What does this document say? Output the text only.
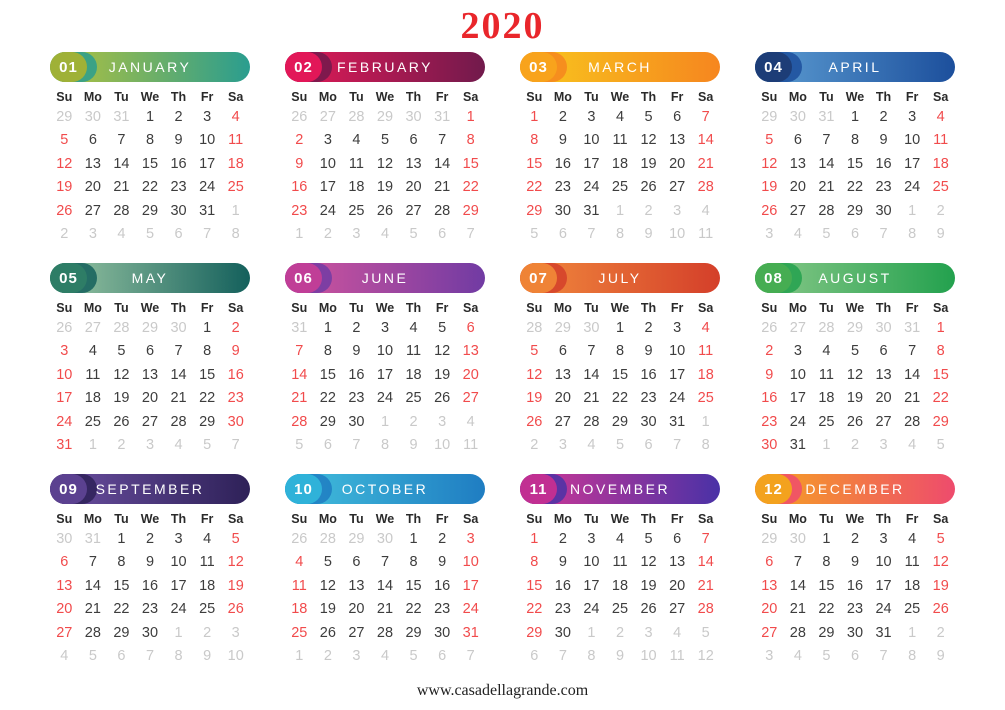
2020
01	JANUARY
Su Mo Tu We Th	Fr	Sa
29 30 31	1	2	3	4
5	6	7	8	9	10 11
12 13 14 15 16 17 18
19 20 21 22 23 24 25
26 27 28 29 30 31	1
2	3	4	5	6	7	8
02	FEBRUARY
Su Mo Tu We Th	Fr	Sa
26 27 28 29 30 31	1
2	3	4	5	6	7	8
9	10 11 12 13 14 15
16 17 18 19 20 21 22
23 24 25 26 27 28 29
1	2	3	4	5	6	7
03	MARCH
Su Mo Tu We Th	Fr	Sa
1	2	3	4	5	6	7
8	9	10 11 12 13 14
15 16 17 18 19 20 21
22 23 24 25 26 27 28
29 30 31	1	2	3	4
5	6	7	8	9	10 11
04	APRIL
Su Mo Tu We Th	Fr	Sa
29 30 31	1	2	3	4
5	6	7	8	9	10 11
12 13 14 15 16 17 18
19 20 21 22 23 24 25
26 27 28 29 30	1	2
3	4	5	6	7	8	9
05	MAY
Su Mo Tu We Th	Fr	Sa
26 27 28 29 30	1	2
3	4	5	6	7	8	9
10 11 12 13 14 15 16
17 18 19 20 21 22 23
24 25 26 27 28 29 30
31	1	2	3	4	5	7
06	JUNE
Su Mo Tu We Th	Fr	Sa
31	1	2	3	4	5	6
7	8	9	10 11 12 13
14 15 16 17 18 19 20
21 22 23 24 25 26 27
28 29 30	1	2	3	4
5	6	7	8	9	10 11
07	JULY
Su Mo Tu We Th	Fr	Sa
28 29 30	1	2	3	4
5	6	7	8	9	10 11
12 13 14 15 16 17 18
19 20 21 22 23 24 25
26 27 28 29 30 31	1
2	3	4	5	6	7	8
08	AUGUST
Su Mo Tu We Th	Fr	Sa
26 27 28 29 30 31	1
2	3	4	5	6	7	8
9	10 11 12 13 14 15
16 17 18 19 20 21 22
23 24 25 26 27 28 29
30 31	1	2	3	4	5
09	SEPTEMBER
Su Mo Tu We Th	Fr	Sa
30 31	1	2	3	4	5
6	7	8	9	10 11 12
13 14 15 16 17 18 19
20 21 22 23 24 25 26
27 28 29 30	1	2	3
4	5	6	7	8	9	10
10	OCTOBER
Su Mo Tu We Th	Fr	Sa
26 28 29 30	1	2	3
4	5	6	7	8	9	10
11 12 13 14 15 16 17
18 19 20 21 22 23 24
25 26 27 28 29 30 31
1	2	3	4	5	6	7
11	NOVEMBER
Su Mo Tu We Th	Fr	Sa
1	2	3	4	5	6	7
8	9	10 11 12 13 14
15 16 17 18 19 20 21
22 23 24 25 26 27 28
29 30	1	2	3	4	5
6	7	8	9	10 11 12
12	DECEMBER
Su Mo Tu We Th	Fr	Sa
29 30	1	2	3	4	5
6	7	8	9	10 11 12
13 14 15 16 17 18 19
20 21 22 23 24 25 26
27 28 29 30 31	1	2
3	4	5	6	7	8	9
www.casadellagrande.com
